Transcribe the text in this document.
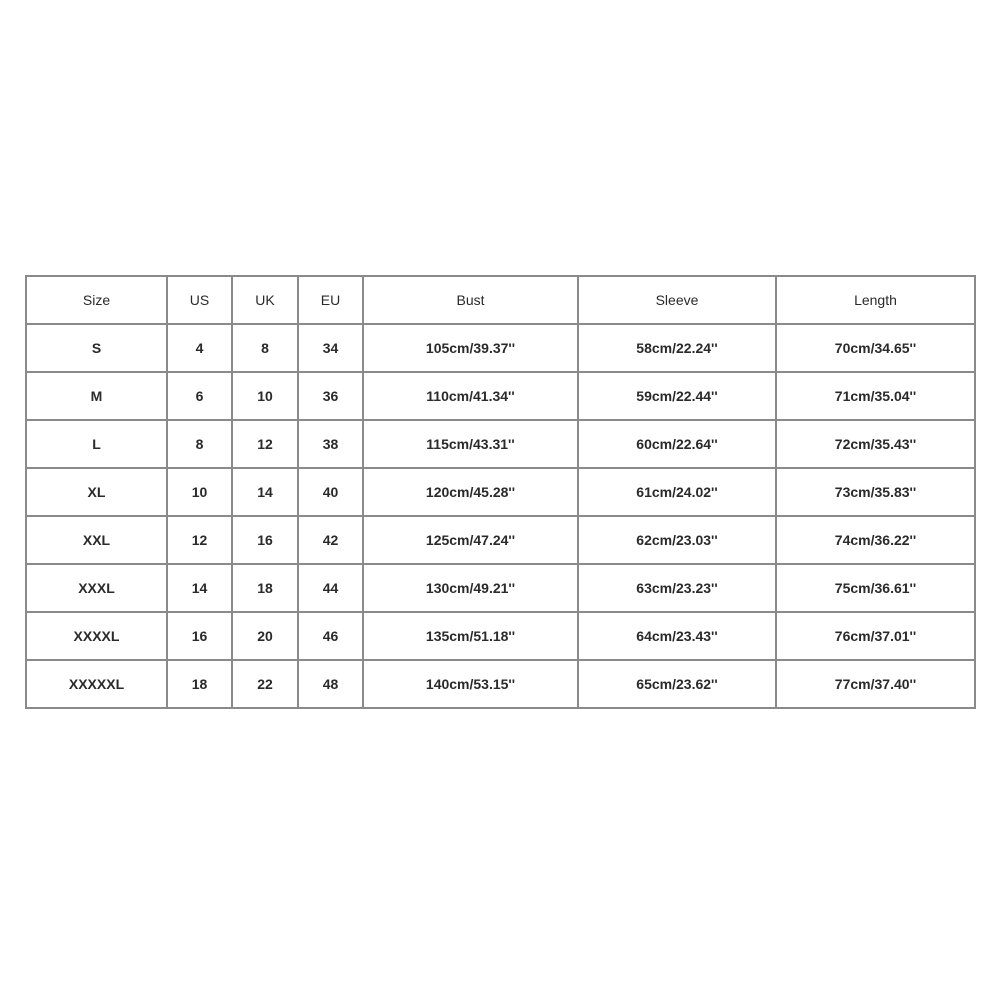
Size	US	UK	EU	Bust	Sleeve	Length
S	4	8	34	105cm/39.37''	58cm/22.24''	70cm/34.65''
M	6	10	36	110cm/41.34''	59cm/22.44''	71cm/35.04''
L	8	12	38	115cm/43.31''	60cm/22.64''	72cm/35.43''
XL	10	14	40	120cm/45.28''	61cm/24.02''	73cm/35.83''
XXL	12	16	42	125cm/47.24''	62cm/23.03''	74cm/36.22''
XXXL	14	18	44	130cm/49.21''	63cm/23.23''	75cm/36.61''
XXXXL	16	20	46	135cm/51.18''	64cm/23.43''	76cm/37.01''
XXXXXL	18	22	48	140cm/53.15''	65cm/23.62''	77cm/37.40''
